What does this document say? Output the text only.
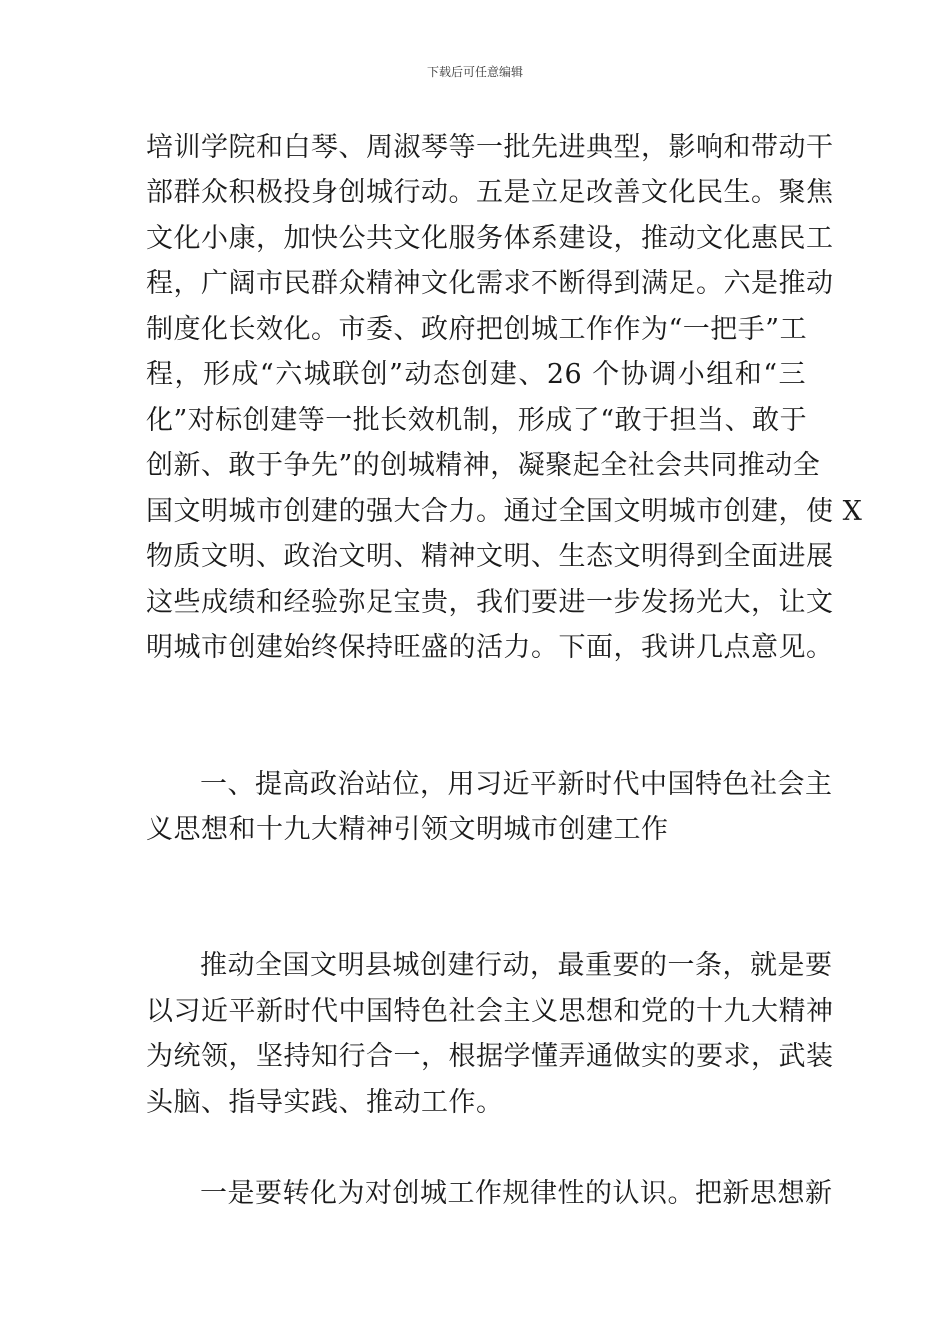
下载后可任意编辑
培训学院和白琴、周淑琴等一批先进典型，影响和带动干
部群众积极投身创城行动。五是立足改善文化民生。聚焦
文化小康，加快公共文化服务体系建设，推动文化惠民工
程，广阔市民群众精神文化需求不断得到满足。六是推动
制度化长效化。市委、政府把创城工作作为“一把手”工
程，形成“六城联创”动态创建、26 个协调小组和“三
化”对标创建等一批长效机制，形成了“敢于担当、敢于
创新、敢于争先”的创城精神，凝聚起全社会共同推动全
国文明城市创建的强大合力。通过全国文明城市创建，使 X
物质文明、政治文明、精神文明、生态文明得到全面进展
这些成绩和经验弥足宝贵，我们要进一步发扬光大，让文
明城市创建始终保持旺盛的活力。下面，我讲几点意见。
一、提高政治站位，用习近平新时代中国特色社会主
义思想和十九大精神引领文明城市创建工作
推动全国文明县城创建行动，最重要的一条，就是要
以习近平新时代中国特色社会主义思想和党的十九大精神
为统领，坚持知行合一，根据学懂弄通做实的要求，武装
头脑、指导实践、推动工作。
一是要转化为对创城工作规律性的认识。把新思想新
